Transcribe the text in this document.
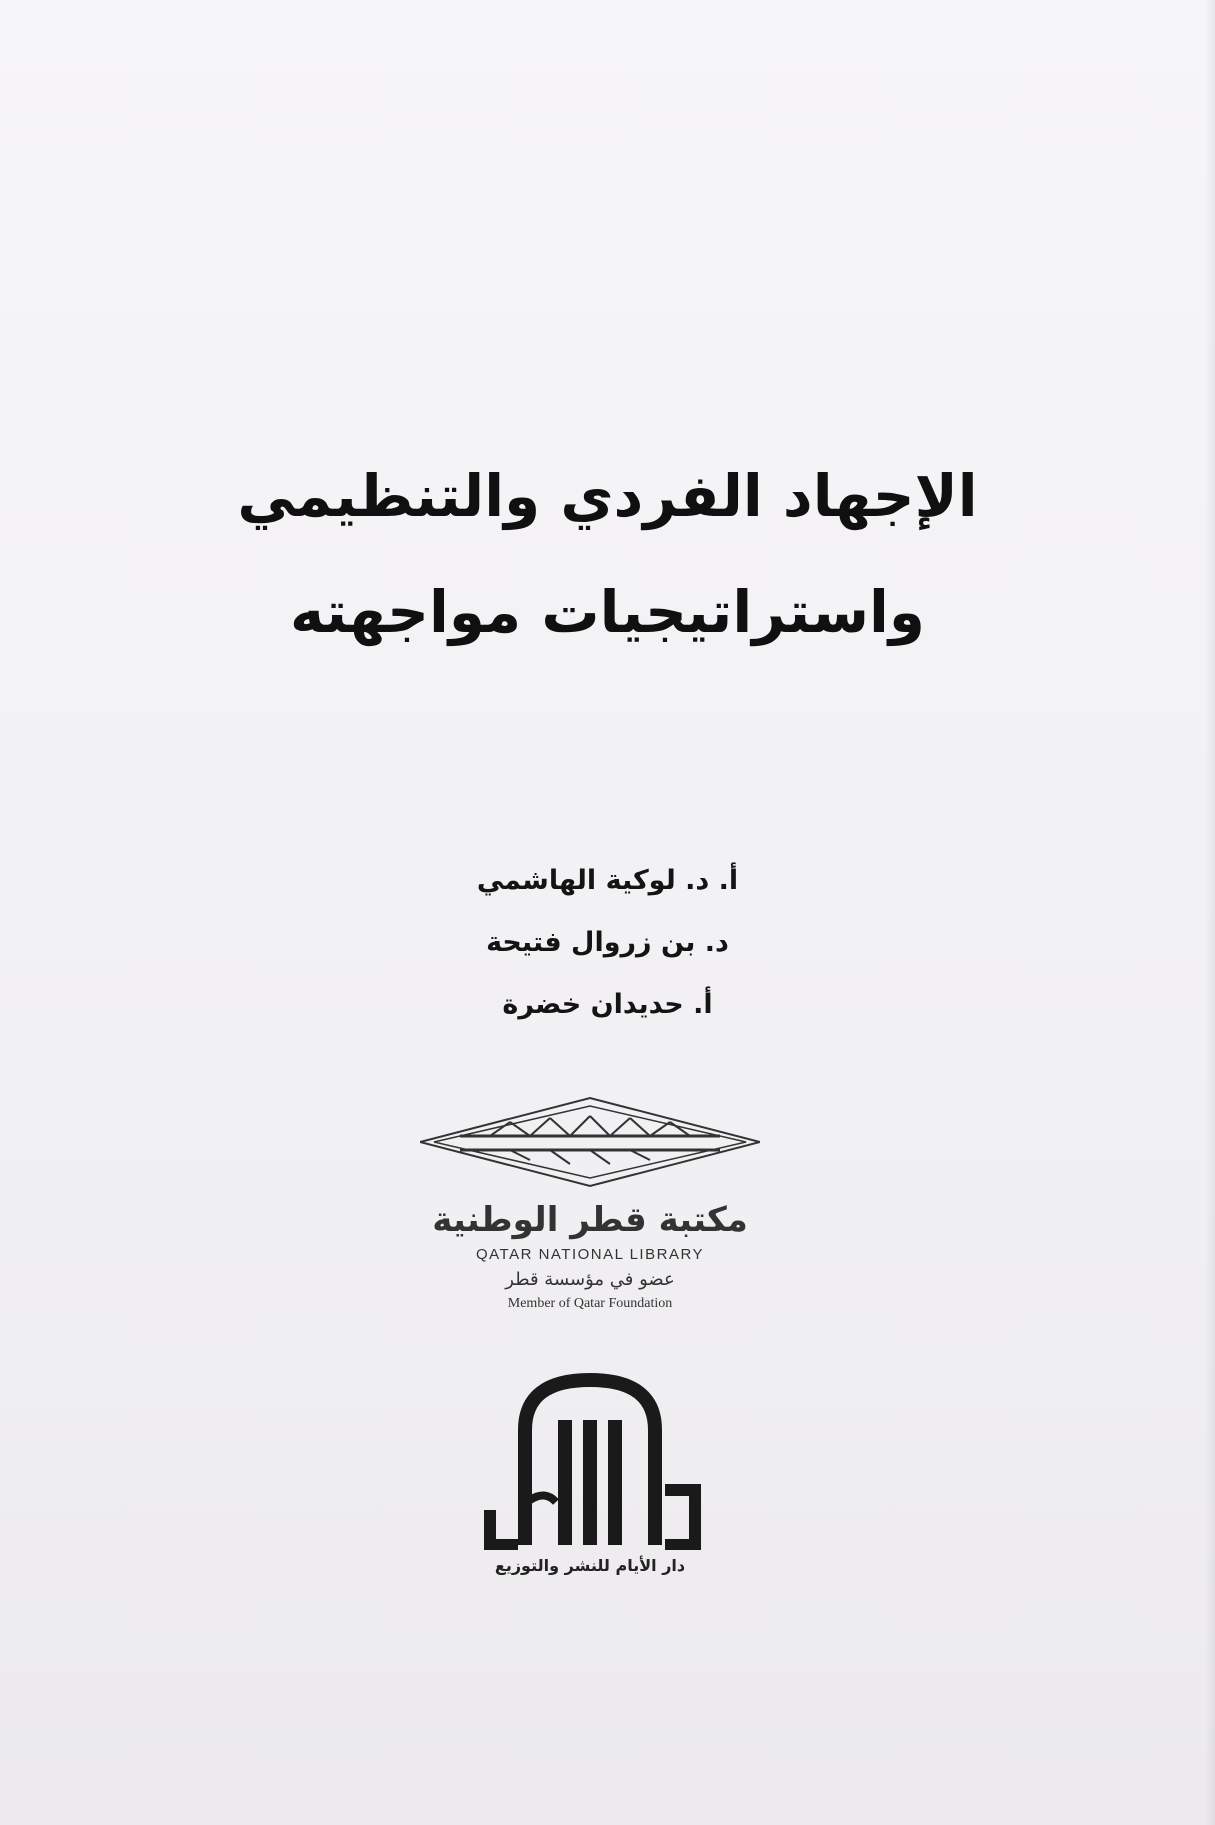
الإجهاد الفردي والتنظيمي
واستراتيجيات مواجهته
أ. د. لوكية الهاشمي
د. بن زروال فتيحة
أ. حديدان خضرة
مكتبة قطر الوطنية
QATAR NATIONAL LIBRARY
عضو في مؤسسة قطر
Member of Qatar Foundation
دار الأيام للنشر والتوزيع
